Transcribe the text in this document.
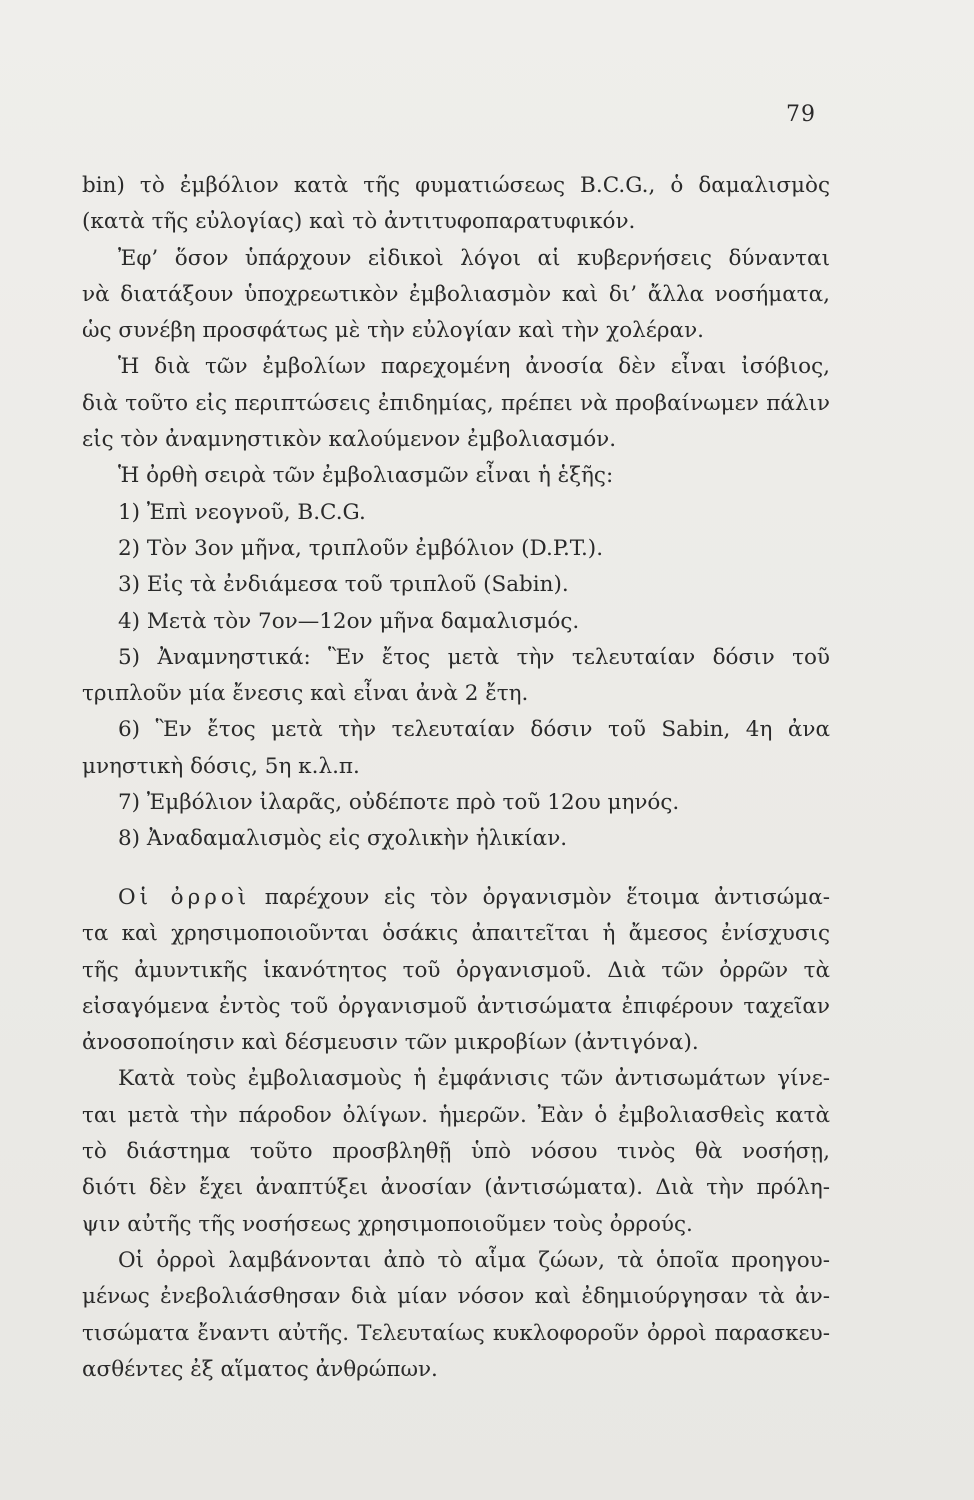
79
bin) τὸ ἐμβόλιον κατὰ τῆς φυματιώσεως B.C.G., ὁ δαμαλισμὸς
(κατὰ τῆς εὐλογίας) καὶ τὸ ἀντιτυφοπαρατυφικόν.
Ἐφ’ ὅσον ὑπάρχουν εἰδικοὶ λόγοι αἱ κυβερνήσεις δύνανται
νὰ διατάξουν ὑποχρεωτικὸν ἐμβολιασμὸν καὶ δι’ ἄλλα νοσήματα,
ὡς συνέβη προσφάτως μὲ τὴν εὐλογίαν καὶ τὴν χολέραν.
Ἡ διὰ τῶν ἐμβολίων παρεχομένη ἀνοσία δὲν εἶναι ἰσόβιος,
διὰ τοῦτο εἰς περιπτώσεις ἐπιδημίας, πρέπει νὰ προβαίνωμεν πάλιν
εἰς τὸν ἀναμνηστικὸν καλούμενον ἐμβολιασμόν.
Ἡ ὀρθὴ σειρὰ τῶν ἐμβολιασμῶν εἶναι ἡ ἑξῆς:
1) Ἐπὶ νεογνοῦ, B.C.G.
2) Τὸν 3ον μῆνα, τριπλοῦν ἐμβόλιον (D.P.T.).
3) Εἰς τὰ ἐνδιάμεσα τοῦ τριπλοῦ (Sabin).
4) Μετὰ τὸν 7ον—12ον μῆνα δαμαλισμός.
5) Ἀναμνηστικά: Ἓν ἔτος μετὰ τὴν τελευταίαν δόσιν τοῦ
τριπλοῦν μία ἔνεσις καὶ εἶναι ἀνὰ 2 ἔτη.
6) Ἓν ἔτος μετὰ τὴν τελευταίαν δόσιν τοῦ Sabin, 4η ἀνα
μνηστικὴ δόσις, 5η κ.λ.π.
7) Ἐμβόλιον ἰλαρᾶς, οὐδέποτε πρὸ τοῦ 12ου μηνός.
8) Ἀναδαμαλισμὸς εἰς σχολικὴν ἡλικίαν.
Οἱ ὀρροὶ παρέχουν εἰς τὸν ὀργανισμὸν ἕτοιμα ἀντισώμα-
τα καὶ χρησιμοποιοῦνται ὁσάκις ἀπαιτεῖται ἡ ἄμεσος ἐνίσχυσις
τῆς ἀμυντικῆς ἱκανότητος τοῦ ὀργανισμοῦ. Διὰ τῶν ὀρρῶν τὰ
εἰσαγόμενα ἐντὸς τοῦ ὀργανισμοῦ ἀντισώματα ἐπιφέρουν ταχεῖαν
ἀνοσοποίησιν καὶ δέσμευσιν τῶν μικροβίων (ἀντιγόνα).
Κατὰ τοὺς ἐμβολιασμοὺς ἡ ἐμφάνισις τῶν ἀντισωμάτων γίνε-
ται μετὰ τὴν πάροδον ὀλίγων. ἡμερῶν. Ἐὰν ὁ ἐμβολιασθεὶς κατὰ
τὸ διάστημα τοῦτο προσβληθῇ ὑπὸ νόσου τινὸς θὰ νοσήσῃ,
διότι δὲν ἔχει ἀναπτύξει ἀνοσίαν (ἀντισώματα). Διὰ τὴν πρόλη-
ψιν αὐτῆς τῆς νοσήσεως χρησιμοποιοῦμεν τοὺς ὀρρούς.
Οἱ ὀρροὶ λαμβάνονται ἀπὸ τὸ αἷμα ζώων, τὰ ὁποῖα προηγου-
μένως ἐνεβολιάσθησαν διὰ μίαν νόσον καὶ ἐδημιούργησαν τὰ ἀν-
τισώματα ἔναντι αὐτῆς. Τελευταίως κυκλοφοροῦν ὀρροὶ παρασκευ-
ασθέντες ἐξ αἵματος ἀνθρώπων.
